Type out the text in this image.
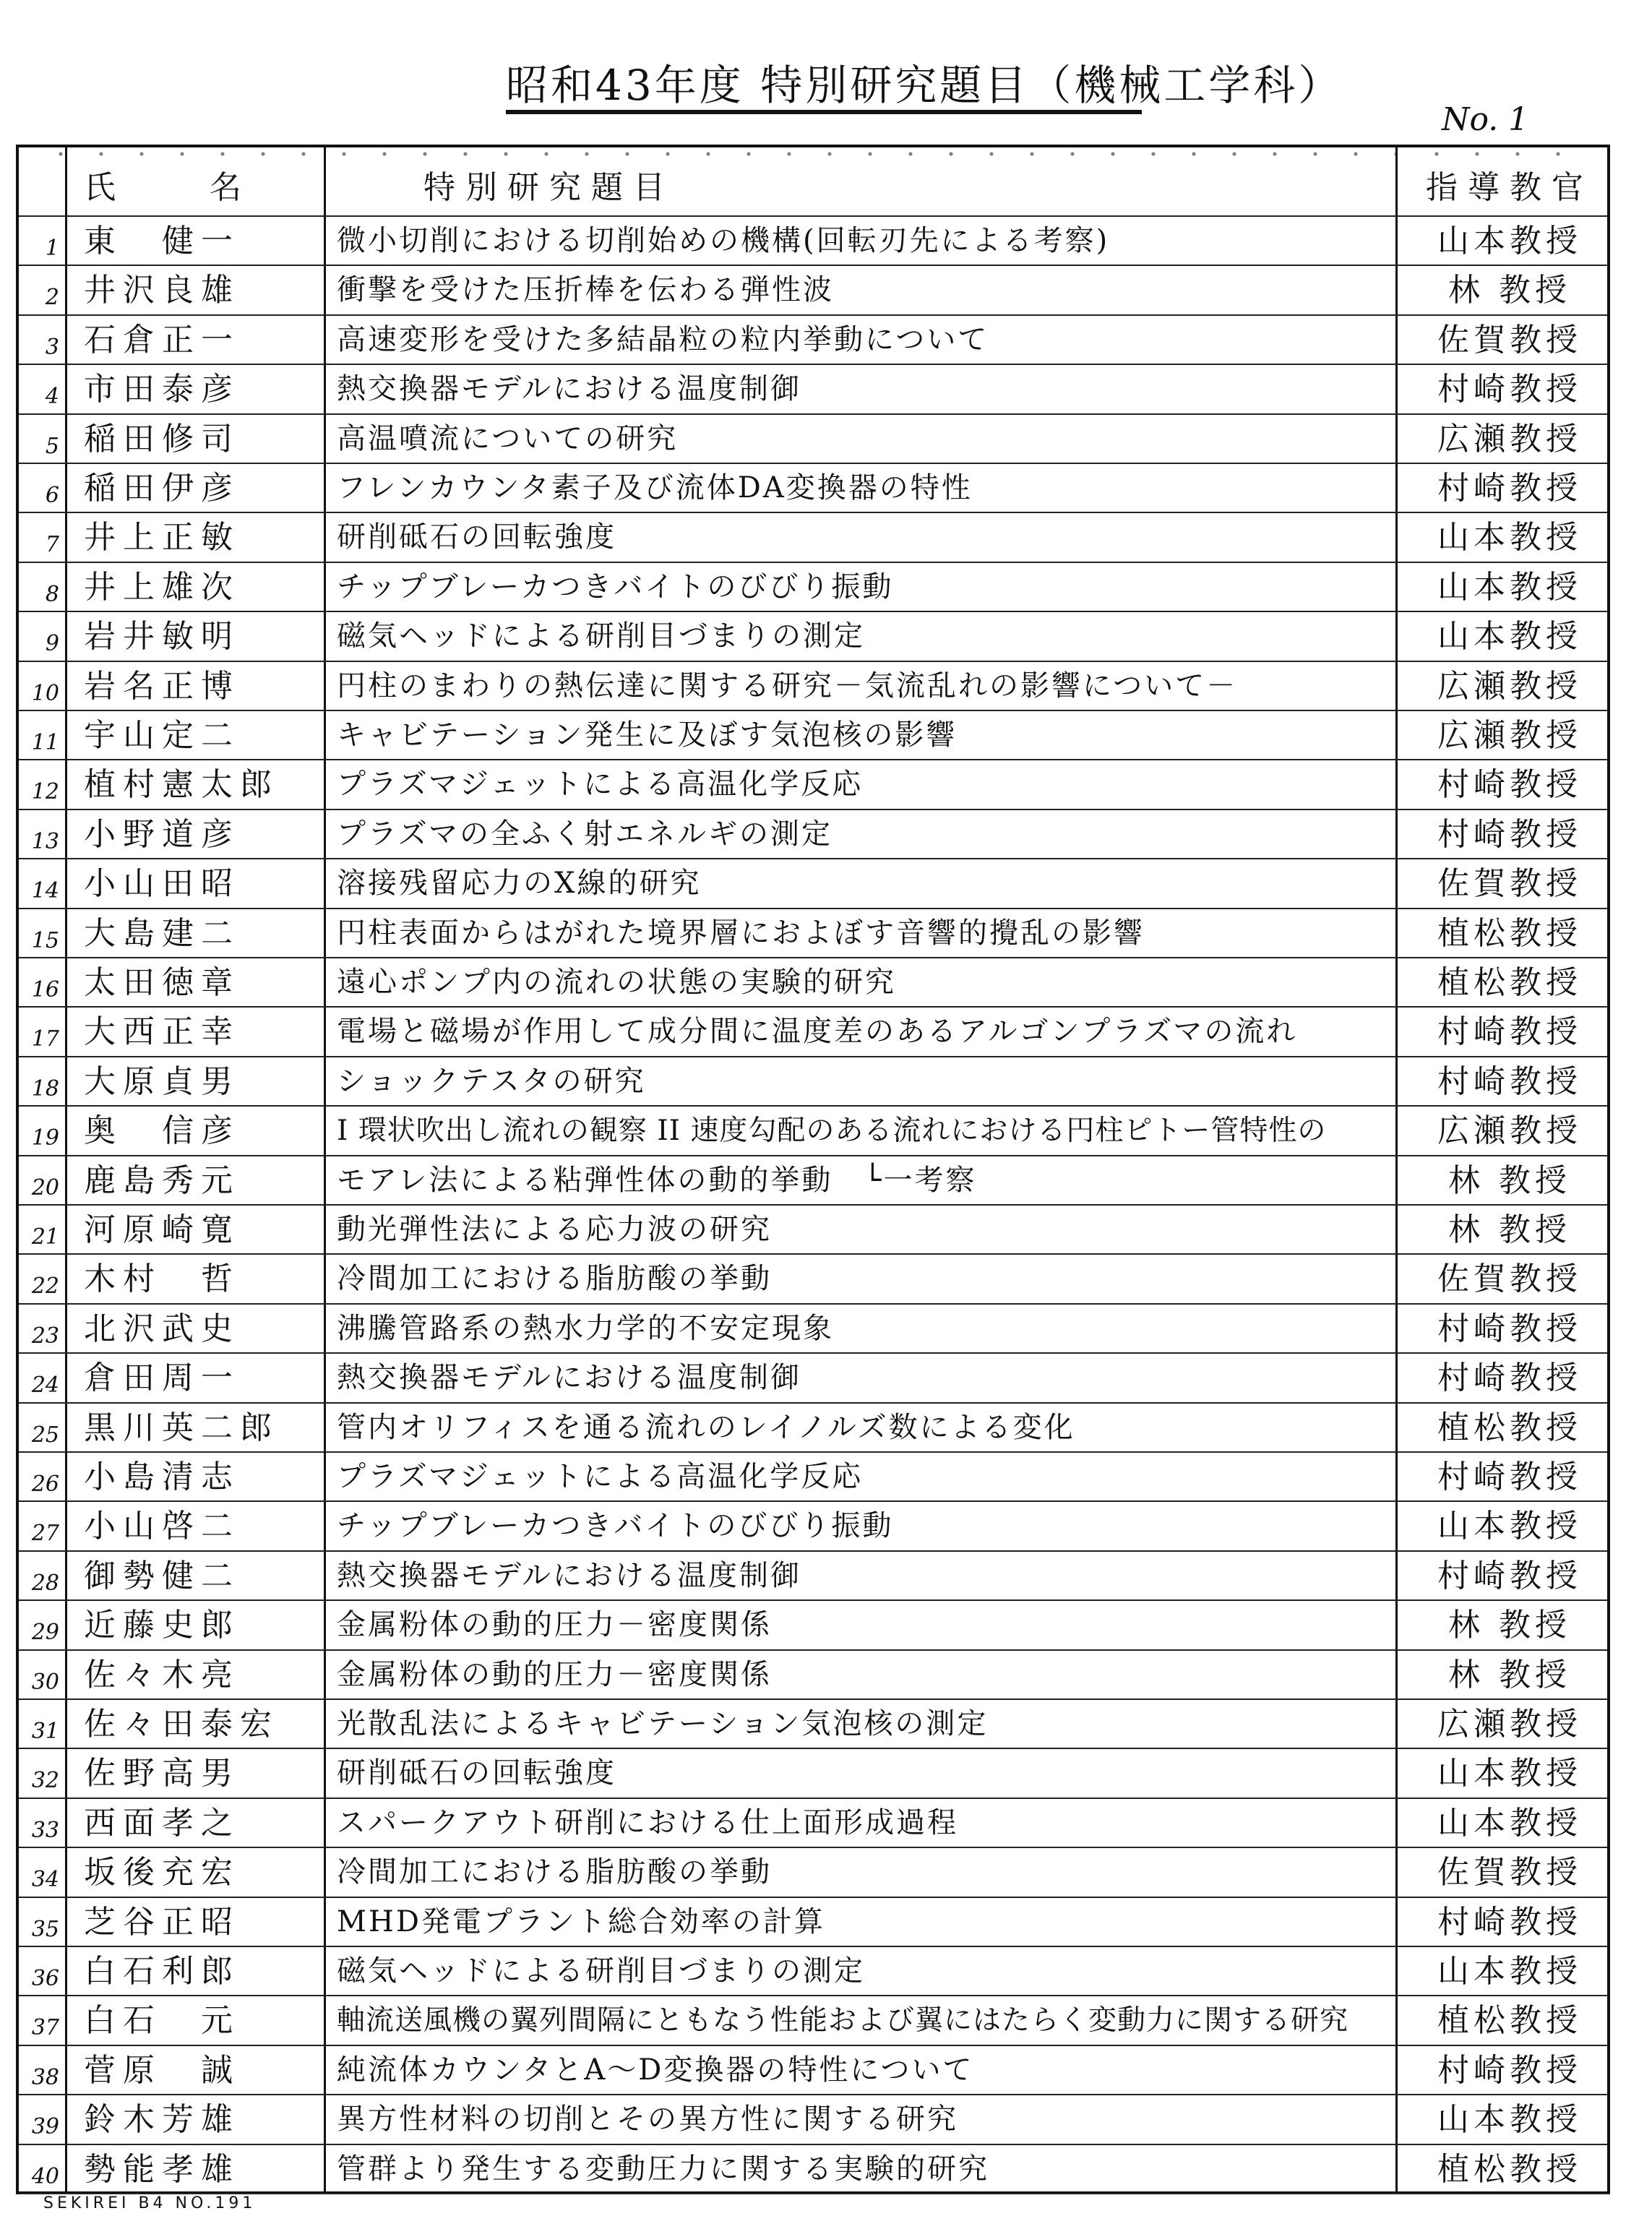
昭和43年度 特別研究題目（機械工学科）
No. 1
氏　　名	特別研究題目	指導教官
1 東　健一	微小切削における切削始めの機構(回転刃先による考察)	山本教授
2 井沢良雄	衝撃を受けた压折棒を伝わる弾性波	林 教授
3 石倉正一	高速変形を受けた多結晶粒の粒内挙動について	佐賀教授
4 市田泰彦	熱交換器モデルにおける温度制御	村崎教授
5 稲田修司	高温噴流についての研究	広瀬教授
6 稲田伊彦	フレンカウンタ素子及び流体DA変換器の特性	村崎教授
7 井上正敏	研削砥石の回転強度	山本教授
8 井上雄次	チップブレーカつきバイトのびびり振動	山本教授
9 岩井敏明	磁気ヘッドによる研削目づまりの測定	山本教授
10 岩名正博	円柱のまわりの熱伝達に関する研究－気流乱れの影響について－	広瀬教授
11 宇山定二	キャビテーション発生に及ぼす気泡核の影響	広瀬教授
12 植村憲太郎	プラズマジェットによる高温化学反応	村崎教授
13 小野道彦	プラズマの全ふく射エネルギの測定	村崎教授
14 小山田昭	溶接残留応力のX線的研究	佐賀教授
15 大島建二	円柱表面からはがれた境界層におよぼす音響的攪乱の影響	植松教授
16 太田徳章	遠心ポンプ内の流れの状態の実験的研究	植松教授
17 大西正幸	電場と磁場が作用して成分間に温度差のあるアルゴンプラズマの流れ	村崎教授
18 大原貞男	ショックテスタの研究	村崎教授
19 奥　信彦	I 環状吹出し流れの観察 II 速度勾配のある流れにおける円柱ピトー管特性の	広瀬教授
20 鹿島秀元	モアレ法による粘弾性体の動的挙動　└一考察	林 教授
21 河原崎寛	動光弾性法による応力波の研究	林 教授
22 木村　哲	冷間加工における脂肪酸の挙動	佐賀教授
23 北沢武史	沸騰管路系の熱水力学的不安定現象	村崎教授
24 倉田周一	熱交換器モデルにおける温度制御	村崎教授
25 黒川英二郎	管内オリフィスを通る流れのレイノルズ数による変化	植松教授
26 小島清志	プラズマジェットによる高温化学反応	村崎教授
27 小山啓二	チップブレーカつきバイトのびびり振動	山本教授
28 御勢健二	熱交換器モデルにおける温度制御	村崎教授
29 近藤史郎	金属粉体の動的圧力－密度関係	林 教授
30 佐々木亮	金属粉体の動的圧力－密度関係	林 教授
31 佐々田泰宏	光散乱法によるキャビテーション気泡核の測定	広瀬教授
32 佐野高男	研削砥石の回転強度	山本教授
33 西面孝之	スパークアウト研削における仕上面形成過程	山本教授
34 坂後充宏	冷間加工における脂肪酸の挙動	佐賀教授
35 芝谷正昭	MHD発電プラント総合効率の計算	村崎教授
36 白石利郎	磁気ヘッドによる研削目づまりの測定	山本教授
37 白石　元	軸流送風機の翼列間隔にともなう性能および翼にはたらく変動力に関する研究	植松教授
38 菅原　誠	純流体カウンタとA～D変換器の特性について	村崎教授
39 鈴木芳雄	異方性材料の切削とその異方性に関する研究	山本教授
40 勢能孝雄	管群より発生する変動圧力に関する実験的研究	植松教授
SEKIREI B4 NO.191
